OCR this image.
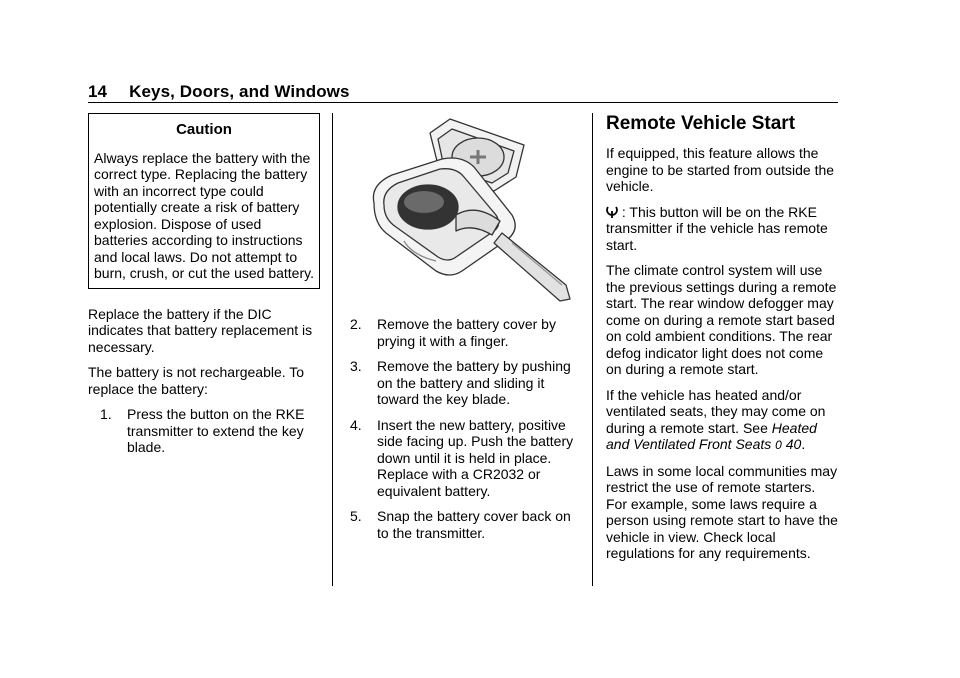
14 Keys, Doors, and Windows
Caution

Always replace the battery with the correct type. Replacing the battery with an incorrect type could potentially create a risk of battery explosion. Dispose of used batteries according to instructions and local laws. Do not attempt to burn, crush, or cut the used battery.

Replace the battery if the DIC indicates that battery replacement is necessary.

The battery is not rechargeable. To replace the battery:

1. Press the button on the RKE transmitter to extend the key blade.
2. Remove the battery cover by prying it with a finger.
3. Remove the battery by pushing on the battery and sliding it toward the key blade.
4. Insert the new battery, positive side facing up. Push the battery down until it is held in place. Replace with a CR2032 or equivalent battery.
5. Snap the battery cover back on to the transmitter.
Remote Vehicle Start

If equipped, this feature allows the engine to be started from outside the vehicle.

: This button will be on the RKE transmitter if the vehicle has remote start.

The climate control system will use the previous settings during a remote start. The rear window defogger may come on during a remote start based on cold ambient conditions. The rear defog indicator light does not come on during a remote start.

If the vehicle has heated and/or ventilated seats, they may come on during a remote start. See Heated and Ventilated Front Seats 0 40.

Laws in some local communities may restrict the use of remote starters. For example, some laws require a person using remote start to have the vehicle in view. Check local regulations for any requirements.
